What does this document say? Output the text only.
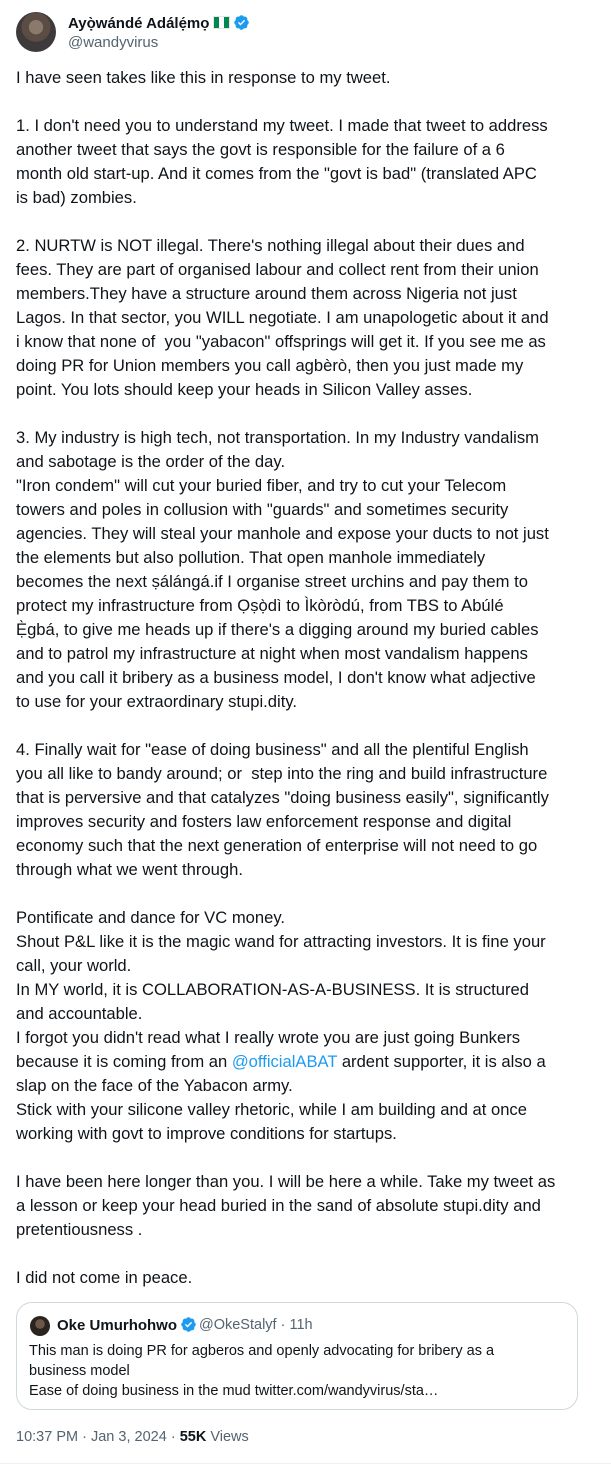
Ayọ̀wándé Adálẹ́mọ
@wandyvirus

I have seen takes like this in response to my tweet.

1. I don't need you to understand my tweet. I made that tweet to address

another tweet that says the govt is responsible for the failure of a 6

month old start-up. And it comes from the "govt is bad" (translated APC

is bad) zombies.

2. NURTW is NOT illegal. There's nothing illegal about their dues and

fees. They are part of organised labour and collect rent from their union

members.They have a structure around them across Nigeria not just

Lagos. In that sector, you WILL negotiate. I am unapologetic about it and

i know that none of  you "yabacon" offsprings will get it. If you see me as

doing PR for Union members you call agbèrò, then you just made my

point. You lots should keep your heads in Silicon Valley asses.

3. My industry is high tech, not transportation. In my Industry vandalism

and sabotage is the order of the day.

"Iron condem" will cut your buried fiber, and try to cut your Telecom

towers and poles in collusion with "guards" and sometimes security

agencies. They will steal your manhole and expose your ducts to not just

the elements but also pollution. That open manhole immediately

becomes the next ṣálángá.if I organise street urchins and pay them to

protect my infrastructure from Ọṣọ̀dì to Ìkòròdú, from TBS to Abúlé

Ẹ̀gbá, to give me heads up if there's a digging around my buried cables

and to patrol my infrastructure at night when most vandalism happens

and you call it bribery as a business model, I don't know what adjective

to use for your extraordinary stupi.dity.

4. Finally wait for "ease of doing business" and all the plentiful English

you all like to bandy around; or  step into the ring and build infrastructure

that is perversive and that catalyzes "doing business easily", significantly

improves security and fosters law enforcement response and digital

economy such that the next generation of enterprise will not need to go

through what we went through.

Pontificate and dance for VC money.

Shout P&L like it is the magic wand for attracting investors. It is fine your

call, your world.

In MY world, it is COLLABORATION-AS-A-BUSINESS. It is structured

and accountable.

I forgot you didn't read what I really wrote you are just going Bunkers

because it is coming from an @officialABAT ardent supporter, it is also a

slap on the face of the Yabacon army.

Stick with your silicone valley rhetoric, while I am building and at once

working with govt to improve conditions for startups.

I have been here longer than you. I will be here a while. Take my tweet as

a lesson or keep your head buried in the sand of absolute stupi.dity and

pretentiousness .

I did not come in peace.

Oke Umurhohwo	@OkeStalyf · 11h

This man is doing PR for agberos and openly advocating for bribery as a

business model

Ease of doing business in the mud twitter.com/wandyvirus/sta…

10:37 PM · Jan 3, 2024 · 55K Views
